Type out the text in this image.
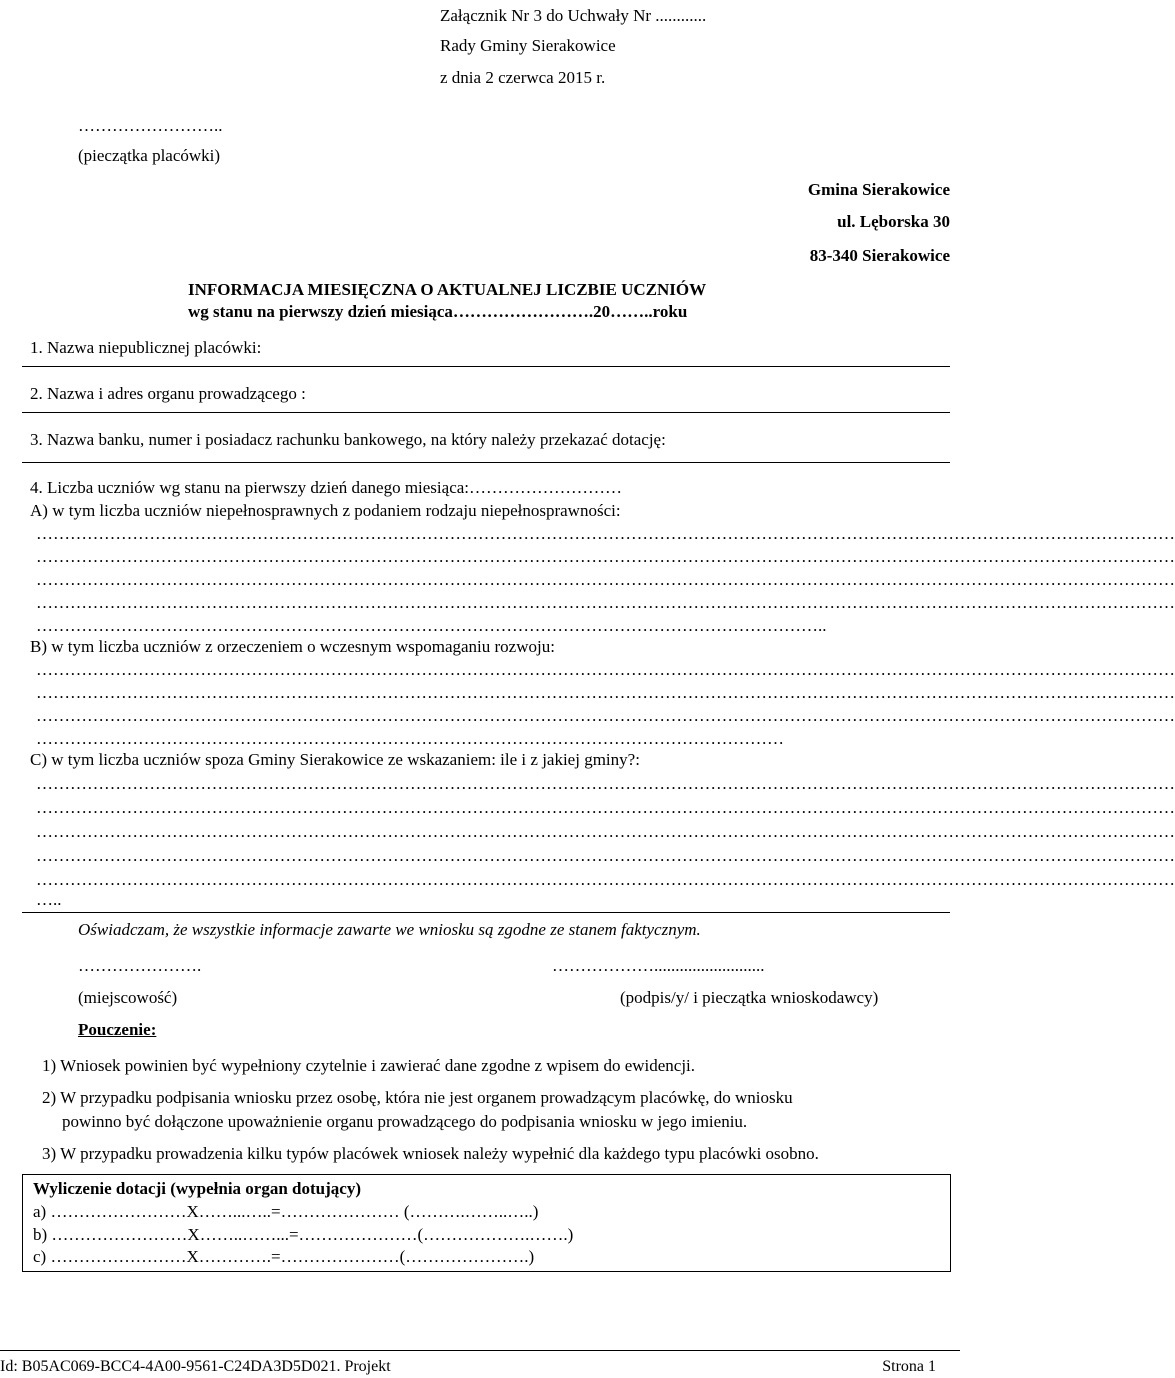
Załącznik Nr 3 do Uchwały Nr ............
Rady Gminy Sierakowice
z dnia 2 czerwca 2015 r.
……………………..
(pieczątka placówki)
Gmina Sierakowice
ul. Lęborska 30
83-340 Sierakowice
INFORMACJA MIESIĘCZNA O AKTUALNEJ LICZBIE UCZNIÓW
wg stanu na pierwszy dzień miesiąca…………………….20……..roku
1. Nazwa niepublicznej placówki:
2. Nazwa i adres organu prowadzącego :
3. Nazwa banku, numer i posiadacz rachunku bankowego, na który należy przekazać dotację:
4. Liczba uczniów wg stanu na pierwszy dzień danego miesiąca:………………………
A) w tym liczba uczniów niepełnosprawnych z podaniem rodzaju niepełnosprawności:
…………………………………………………………………………………………………………………………………………………………………………………
…………………………………………………………………………………………………………………………………………………………………………………
…………………………………………………………………………………………………………………………………………………………………………………
…………………………………………………………………………………………………………………………………………………………………………………
…………………………………………………………………………………………………………………………..
B) w tym liczba uczniów z orzeczeniem o wczesnym wspomaganiu rozwoju:
…………………………………………………………………………………………………………………………………………………………………………………
…………………………………………………………………………………………………………………………………………………………………………………
…………………………………………………………………………………………………………………………………………………………………………………
……………………………………………………………………………………………………………………
C) w tym liczba uczniów spoza Gminy Sierakowice ze wskazaniem: ile i z jakiej gminy?:
…………………………………………………………………………………………………………………………………………………………………………………
…………………………………………………………………………………………………………………………………………………………………………………
…………………………………………………………………………………………………………………………………………………………………………………
…………………………………………………………………………………………………………………………………………………………………………………
…………………………………………………………………………………………………………………………………………………………………………………
…..
Oświadczam, że wszystkie informacje zawarte we wniosku są zgodne ze stanem faktycznym.
………………….	………………..........................
(miejscowość)	(podpis/y/ i pieczątka wnioskodawcy)
Pouczenie:
1) Wniosek powinien być wypełniony czytelnie i zawierać dane zgodne z wpisem do ewidencji.
2) W przypadku podpisania wniosku przez osobę, która nie jest organem prowadzącym placówkę, do wniosku
powinno być dołączone upoważnienie organu prowadzącego do podpisania wniosku w jego imieniu.
3) W przypadku prowadzenia kilku typów placówek wniosek należy wypełnić dla każdego typu placówki osobno.
Wyliczenie dotacji (wypełnia organ dotujący)
a) ……………………X……...…..=………………… (……….……..…..)
b) ……………………X……..……...=…………………(……………….…….)
c) ……………………X………….=…………………(………………….)
Id: B05AC069-BCC4-4A00-9561-C24DA3D5D021. Projekt	Strona 1
